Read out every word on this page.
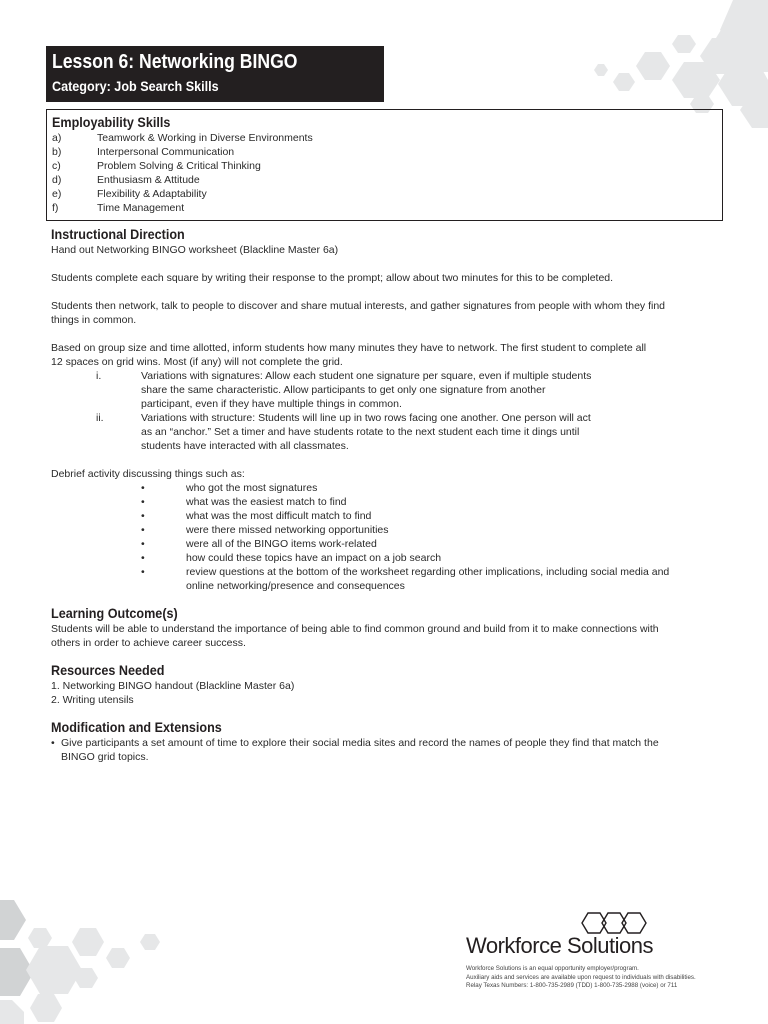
Lesson 6: Networking BINGO
Category: Job Search Skills
Employability Skills
a)	Teamwork & Working in Diverse Environments
b)	Interpersonal Communication
c)	Problem Solving & Critical Thinking
d)	Enthusiasm & Attitude
e)	Flexibility & Adaptability
f)	Time Management
Instructional Direction

Hand out Networking BINGO worksheet (Blackline Master 6a)

Students complete each square by writing their response to the prompt; allow about two minutes for this to be completed.

Students then network, talk to people to discover and share mutual interests, and gather signatures from people with whom they find

things in common.

Based on group size and time allotted, inform students how many minutes they have to network. The first student to complete all

12 spaces on grid wins. Most (if any) will not complete the grid.

i.	Variations with signatures: Allow each student one signature per square, even if multiple students
share the same characteristic. Allow participants to get only one signature from another
participant, even if they have multiple things in common.
ii.	Variations with structure: Students will line up in two rows facing one another. One person will act
as an “anchor.” Set a timer and have students rotate to the next student each time it dings until
students have interacted with all classmates.

Debrief activity discussing things such as:

•	who got the most signatures
•	what was the easiest match to find
•	what was the most difficult match to find
•	were there missed networking opportunities
•	were all of the BINGO items work-related
•	how could these topics have an impact on a job search
•	review questions at the bottom of the worksheet regarding other implications, including social media and
online networking/presence and consequences
Learning Outcome(s)

Students will be able to understand the importance of being able to find common ground and build from it to make connections with

others in order to achieve career success.

Resources Needed

1. Networking BINGO handout (Blackline Master 6a)

2. Writing utensils

Modification and Extensions
• Give participants a set amount of time to explore their social media sites and record the names of people they find that match the
BINGO grid topics.
Workforce Solutions
Workforce Solutions is an equal opportunity employer/program.
Auxiliary aids and services are available upon request to individuals with disabilities.
Relay Texas Numbers: 1-800-735-2989 (TDD) 1-800-735-2988 (voice) or 711
